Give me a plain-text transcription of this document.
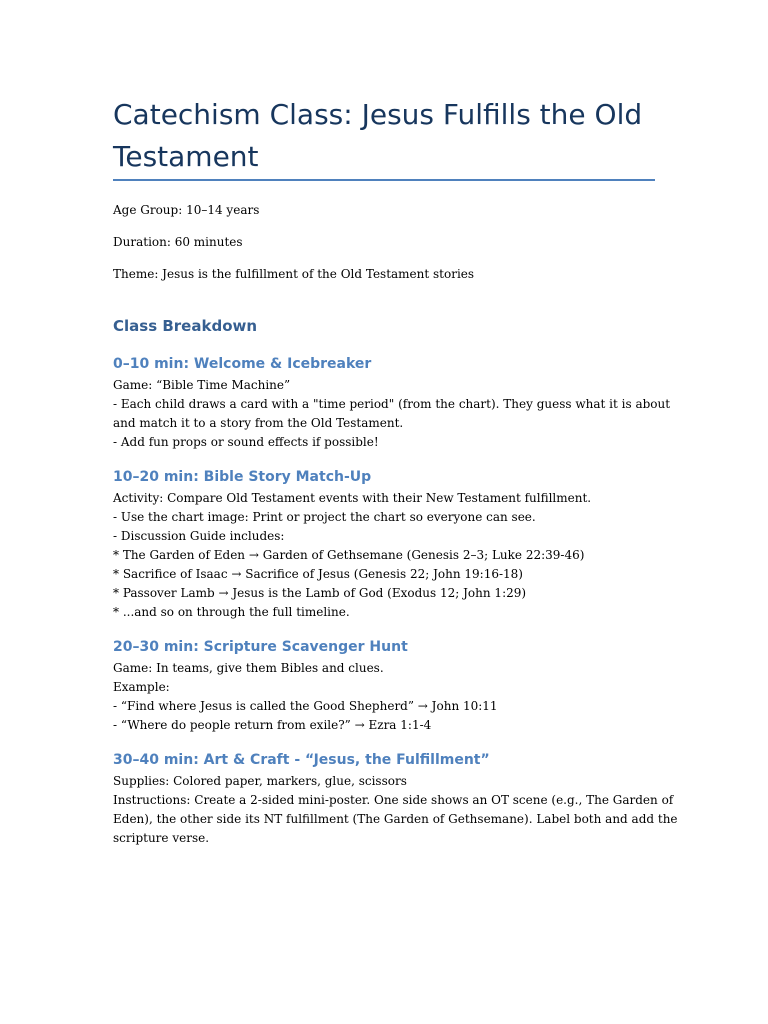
Catechism Class: Jesus Fulfills the Old Testament

Age Group: 10–14 years

Duration: 60 minutes

Theme: Jesus is the fulfillment of the Old Testament stories

Class Breakdown
0–10 min: Welcome & Icebreaker
Game: “Bible Time Machine”
- Each child draws a card with a "time period" (from the chart). They guess what it is about
and match it to a story from the Old Testament.
- Add fun props or sound effects if possible!
10–20 min: Bible Story Match-Up
Activity: Compare Old Testament events with their New Testament fulfillment.
- Use the chart image: Print or project the chart so everyone can see.
- Discussion Guide includes:
* The Garden of Eden → Garden of Gethsemane (Genesis 2–3; Luke 22:39-46)
* Sacrifice of Isaac → Sacrifice of Jesus (Genesis 22; John 19:16-18)
* Passover Lamb → Jesus is the Lamb of God (Exodus 12; John 1:29)
* ...and so on through the full timeline.
20–30 min: Scripture Scavenger Hunt
Game: In teams, give them Bibles and clues.
Example:
- “Find where Jesus is called the Good Shepherd” → John 10:11
- “Where do people return from exile?” → Ezra 1:1-4
30–40 min: Art & Craft - “Jesus, the Fulfillment”
Supplies: Colored paper, markers, glue, scissors
Instructions: Create a 2-sided mini-poster. One side shows an OT scene (e.g., The Garden of
Eden), the other side its NT fulfillment (The Garden of Gethsemane). Label both and add the
scripture verse.
